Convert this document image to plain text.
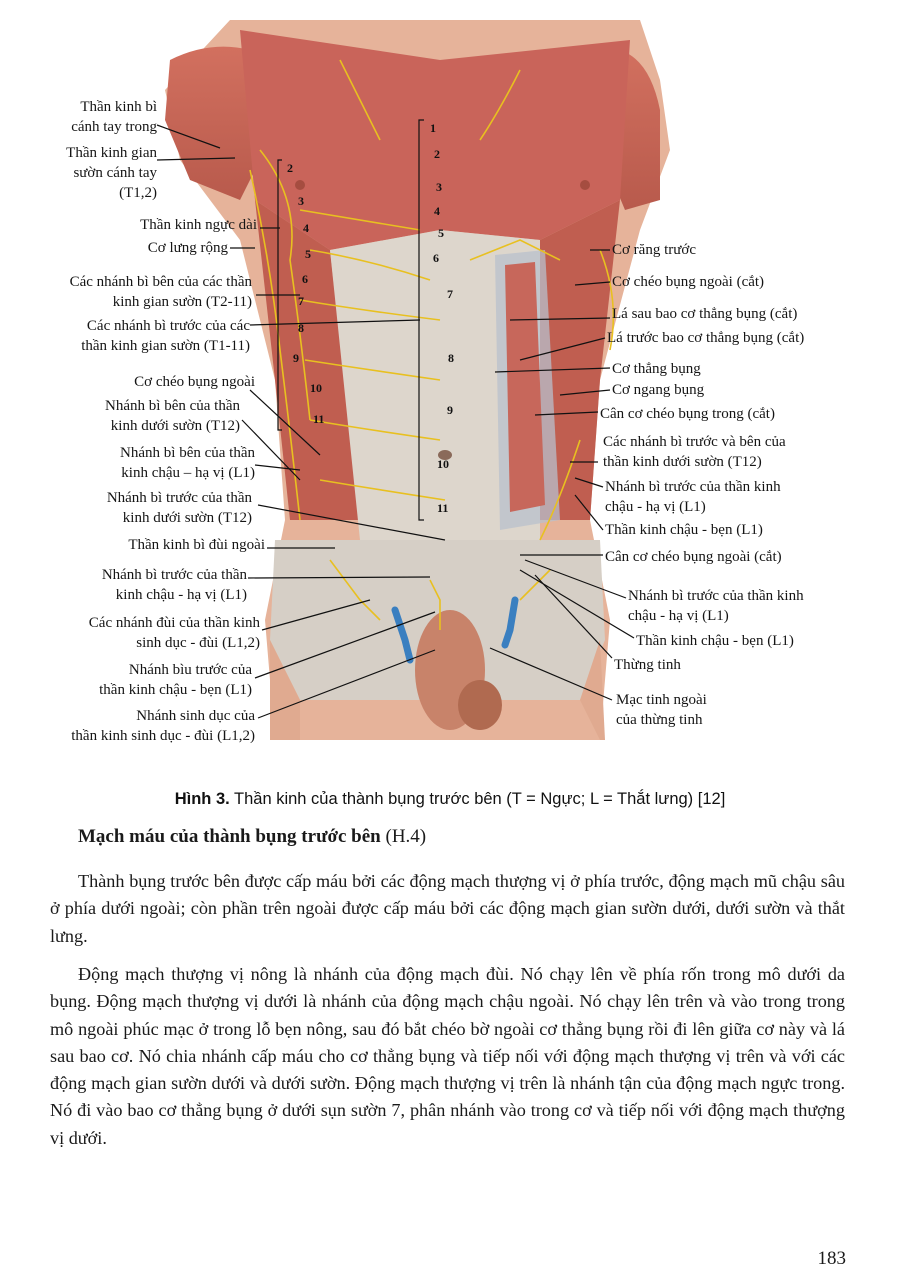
2
3
4
5
6
7
8
9
10
11
1
2
3
4
5
6
7
8
9
10
11
Thần kinh bì
cánh tay trong
Thần kinh gian
sườn cánh tay
(T1,2)
Thần kinh ngực dài
Cơ lưng rộng
Các nhánh bì bên của các thần
kinh gian sườn (T2-11)
Các nhánh bì trước của các
thần kinh gian sườn (T1-11)
Cơ chéo bụng ngoài
Nhánh bì bên của thần
kinh dưới sườn (T12)
Nhánh bì bên của thần
kinh chậu – hạ vị (L1)
Nhánh bì trước của thần
kinh dưới sườn (T12)
Thần kinh bì đùi ngoài
Nhánh bì trước của thần
kinh chậu - hạ vị (L1)
Các nhánh đùi của thần kinh
sinh dục - đùi (L1,2)
Nhánh bìu trước của
thần kinh chậu - bẹn (L1)
Nhánh sinh dục của
thần kinh sinh dục - đùi (L1,2)
Cơ răng trước
Cơ chéo bụng ngoài (cắt)
Lá sau bao cơ thẳng bụng (cắt)
Lá trước bao cơ thẳng bụng (cắt)
Cơ thẳng bụng
Cơ ngang bụng
Cân cơ chéo bụng trong (cắt)
Các nhánh bì trước và bên của
thần kinh dưới sườn (T12)
Nhánh bì trước của thần kinh
chậu - hạ vị (L1)
Thần kinh chậu - bẹn (L1)
Cân cơ chéo bụng ngoài (cắt)
Nhánh bì trước của thần kinh
chậu - hạ vị (L1)
Thần kinh chậu - bẹn (L1)
Thừng tinh
Mạc tinh ngoài
của thừng tinh
Hình 3. Thần kinh của thành bụng trước bên (T = Ngực; L = Thắt lưng) [12]
Mạch máu của thành bụng trước bên (H.4)

Thành bụng trước bên được cấp máu bởi các động mạch thượng vị ở phía trước, động mạch mũ chậu sâu ở phía dưới ngoài; còn phần trên ngoài được cấp máu bởi các động mạch gian sườn dưới, dưới sườn và thắt lưng.

Động mạch thượng vị nông là nhánh của động mạch đùi. Nó chạy lên về phía rốn trong mô dưới da bụng. Động mạch thượng vị dưới là nhánh của động mạch chậu ngoài. Nó chạy lên trên và vào trong trong mô ngoài phúc mạc ở trong lỗ bẹn nông, sau đó bắt chéo bờ ngoài cơ thẳng bụng rồi đi lên giữa cơ này và lá sau bao cơ. Nó chia nhánh cấp máu cho cơ thẳng bụng và tiếp nối với động mạch thượng vị trên và với các động mạch gian sườn dưới và dưới sườn. Động mạch thượng vị trên là nhánh tận của động mạch ngực trong. Nó đi vào bao cơ thẳng bụng ở dưới sụn sườn 7, phân nhánh vào trong cơ và tiếp nối với động mạch thượng vị dưới.

183
